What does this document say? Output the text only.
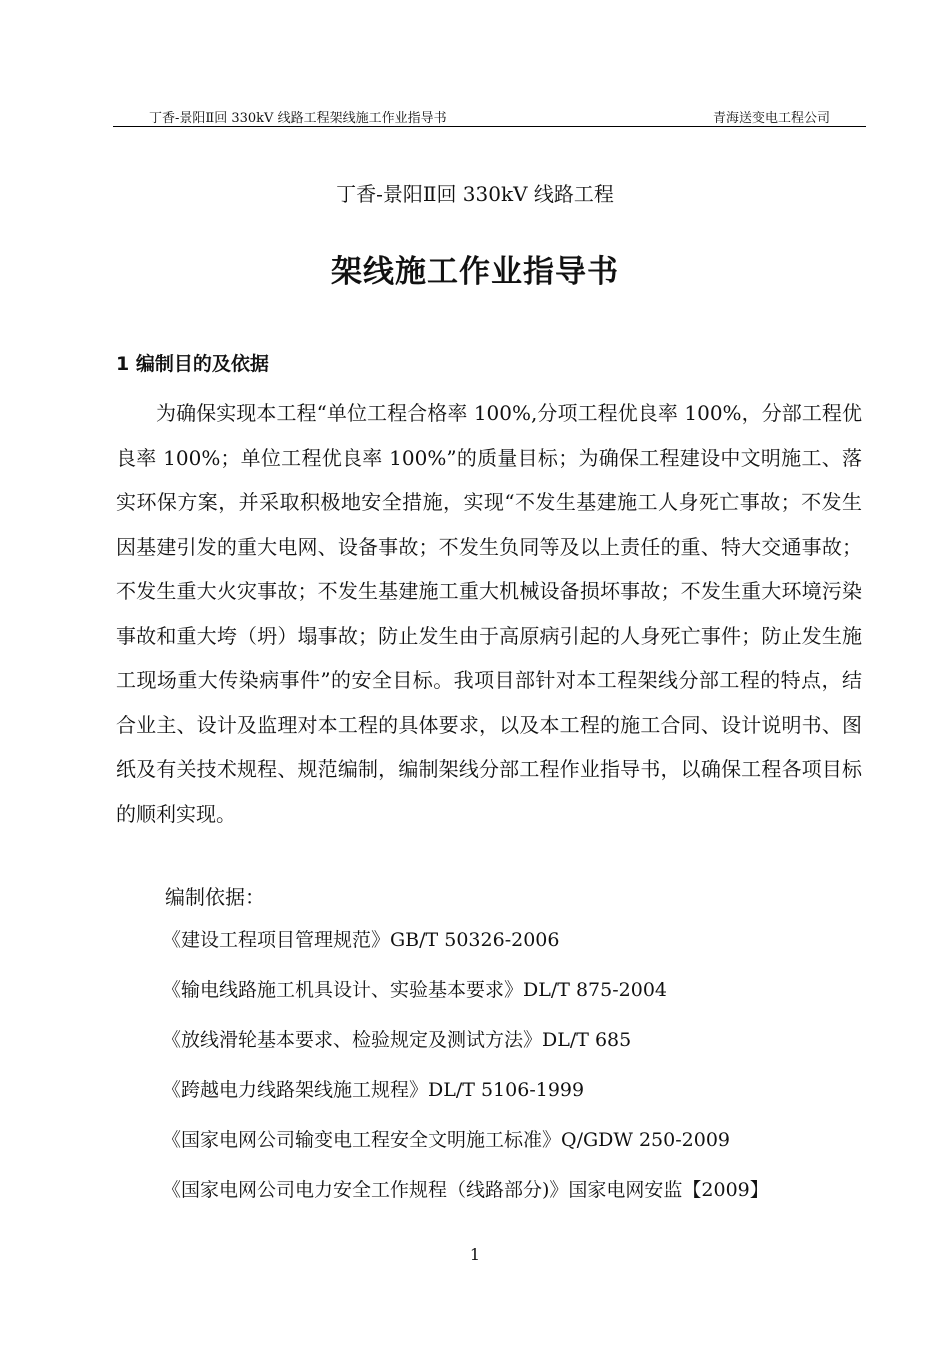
丁香-景阳Ⅱ回 330kV 线路工程架线施工作业指导书	青海送变电工程公司
丁香-景阳Ⅱ回 330kV 线路工程
架线施工作业指导书
1 编制目的及依据

为确保实现本工程“单位工程合格率 100%,分项工程优良率 100%，分部工程优良率 100%；单位工程优良率 100%”的质量目标；为确保工程建设中文明施工、落实环保方案，并采取积极地安全措施，实现“不发生基建施工人身死亡事故；不发生因基建引发的重大电网、设备事故；不发生负同等及以上责任的重、特大交通事故；不发生重大火灾事故；不发生基建施工重大机械设备损坏事故；不发生重大环境污染事故和重大垮（坍）塌事故；防止发生由于高原病引起的人身死亡事件；防止发生施工现场重大传染病事件”的安全目标。我项目部针对本工程架线分部工程的特点，结合业主、设计及监理对本工程的具体要求，以及本工程的施工合同、设计说明书、图纸及有关技术规程、规范编制，编制架线分部工程作业指导书，以确保工程各项目标的顺利实现。

编制依据：
《建设工程项目管理规范》GB/T 50326-2006
《输电线路施工机具设计、实验基本要求》DL/T 875-2004
《放线滑轮基本要求、检验规定及测试方法》DL/T 685
《跨越电力线路架线施工规程》DL/T 5106-1999
《国家电网公司输变电工程安全文明施工标准》Q/GDW 250-2009
《国家电网公司电力安全工作规程（线路部分)》国家电网安监【2009】
1
